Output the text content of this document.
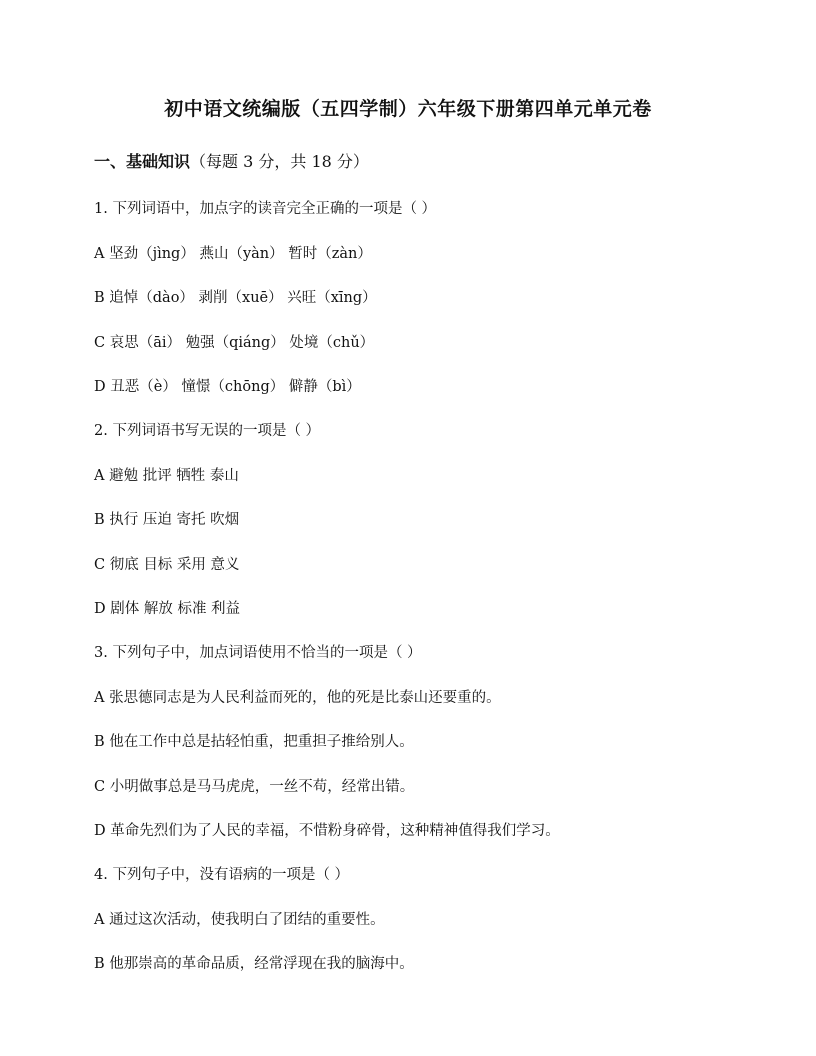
初中语文统编版（五四学制）六年级下册第四单元单元卷

一、基础知识（每题 3 分，共 18 分）

1. 下列词语中，加点字的读音完全正确的一项是（ ）

A 坚劲（jìng） 燕山（yàn） 暂时（zàn）

B 追悼（dào） 剥削（xuē） 兴旺（xīng）

C 哀思（āi） 勉强（qiáng） 处境（chǔ）

D 丑恶（è） 憧憬（chōng） 僻静（bì）

2. 下列词语书写无误的一项是（ ）

A 避勉 批评 牺牲 泰山

B 执行 压迫 寄托 吹烟

C 彻底 目标 采用 意义

D 剧体 解放 标准 利益

3. 下列句子中，加点词语使用不恰当的一项是（ ）

A 张思德同志是为人民利益而死的，他的死是比泰山还要重的。

B 他在工作中总是拈轻怕重，把重担子推给别人。

C 小明做事总是马马虎虎，一丝不苟，经常出错。

D 革命先烈们为了人民的幸福，不惜粉身碎骨，这种精神值得我们学习。

4. 下列句子中，没有语病的一项是（ ）

A 通过这次活动，使我明白了团结的重要性。

B 他那崇高的革命品质，经常浮现在我的脑海中。
